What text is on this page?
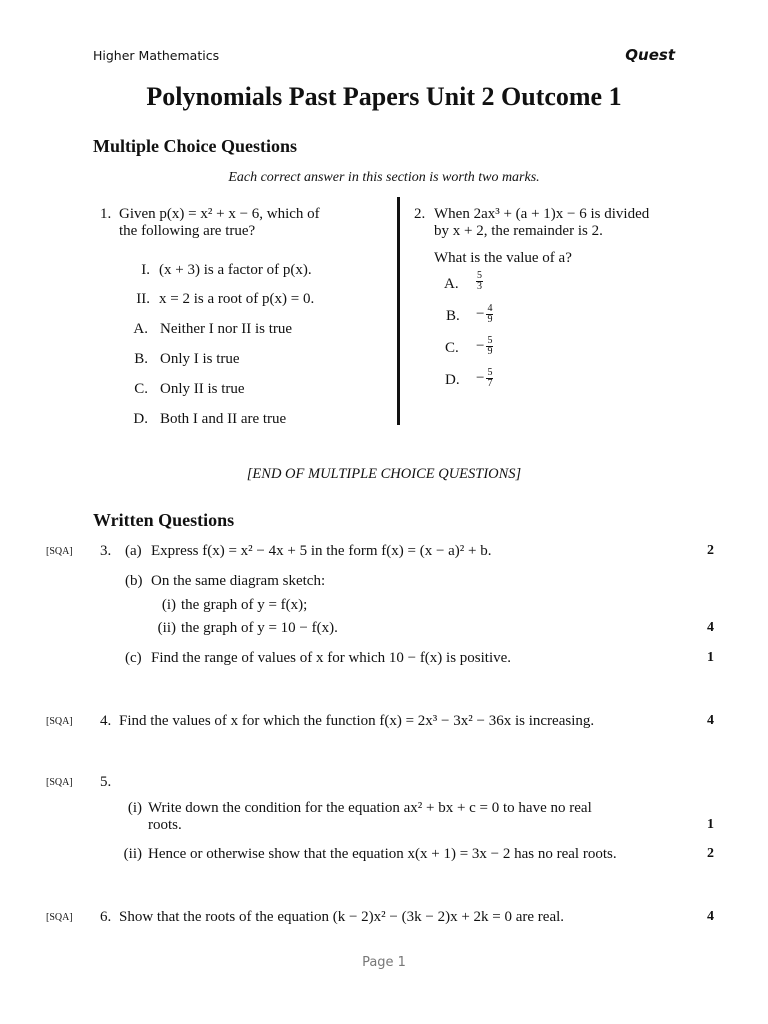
Higher Mathematics	Quest
Polynomials Past Papers Unit 2 Outcome 1
Multiple Choice Questions
Each correct answer in this section is worth two marks.
1. Given p(x) = x² + x − 6, which of
the following are true?
I. (x + 3) is a factor of p(x).
II. x = 2 is a root of p(x) = 0.
A. Neither I nor II is true
B. Only I is true
C. Only II is true
D. Both I and II are true
2. When 2ax³ + (a + 1)x − 6 is divided
by x + 2, the remainder is 2.
What is the value of a?
A. $\frac{5}{3}$
B. − $\frac{4}{9}$
C. − $\frac{5}{9}$
D. − $\frac{5}{7}$
[END OF MULTIPLE CHOICE QUESTIONS]
Written Questions
[SQA] 3. (a) Express f(x) = x² − 4x + 5 in the form f(x) = (x − a)² + b.	2
(b) On the same diagram sketch:
(i) the graph of y = f(x);
(ii) the graph of y = 10 − f(x).	4
(c) Find the range of values of x for which 10 − f(x) is positive.	1
[SQA] 4. Find the values of x for which the function f(x) = 2x³ − 3x² − 36x is increasing.	4
[SQA] 5.
(i) Write down the condition for the equation ax² + bx + c = 0 to have no real
roots.	1
(ii) Hence or otherwise show that the equation x(x + 1) = 3x − 2 has no real roots.	2
[SQA] 6. Show that the roots of the equation (k − 2)x² − (3k − 2)x + 2k = 0 are real.	4
Page 1
